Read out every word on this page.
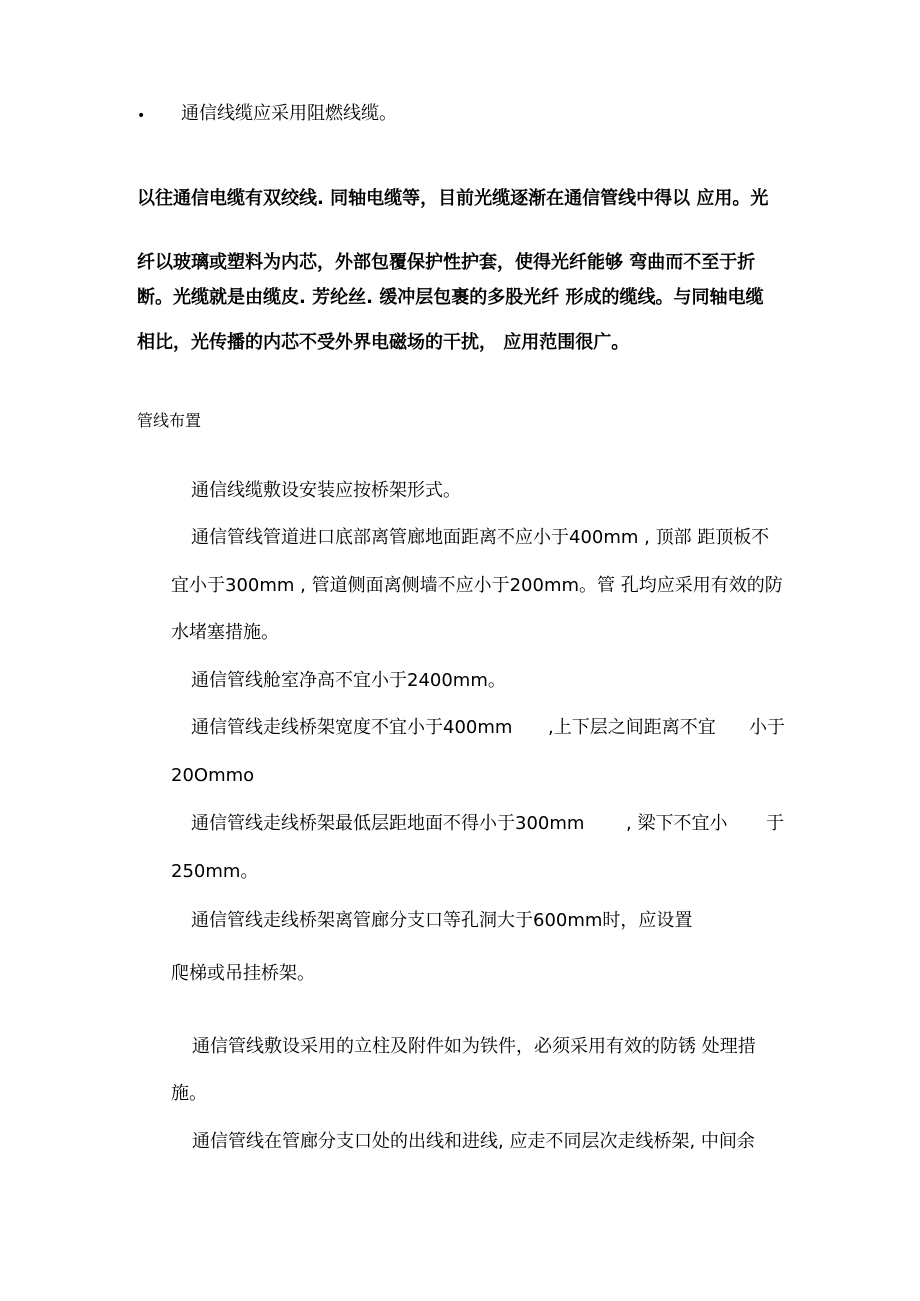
• 通信线缆应采用阻燃线缆。
以往通信电缆有双绞线. 同轴电缆等，目前光缆逐渐在通信管线中得以 应用。光
纤以玻璃或塑料为内芯，外部包覆保护性护套，使得光纤能够 弯曲而不至于折
断。光缆就是由缆皮. 芳纶丝. 缓冲层包裹的多股光纤 形成的缆线。与同轴电缆
相比，光传播的内芯不受外界电磁场的干扰， 应用范围很广。
管线布置
通信线缆敷设安装应按桥架形式。
通信管线管道进口底部离管廊地面距离不应小于400mm , 顶部 距顶板不
宜小于300mm , 管道侧面离侧墙不应小于200mm。管 孔均应采用有效的防
水堵塞措施。
通信管线舱室净高不宜小于2400mm。
通信管线走线桥架宽度不宜小于400mm ,上下层之间距离不宜 小于
20Ommo
通信管线走线桥架最低层距地面不得小于300mm , 梁下不宜小 于
250mm。
通信管线走线桥架离管廊分支口等孔洞大于600mm时，应设置
爬梯或吊挂桥架。
通信管线敷设采用的立柱及附件如为铁件，必须采用有效的防锈 处理措
施。
通信管线在管廊分支口处的出线和进线, 应走不同层次走线桥架, 中间余
